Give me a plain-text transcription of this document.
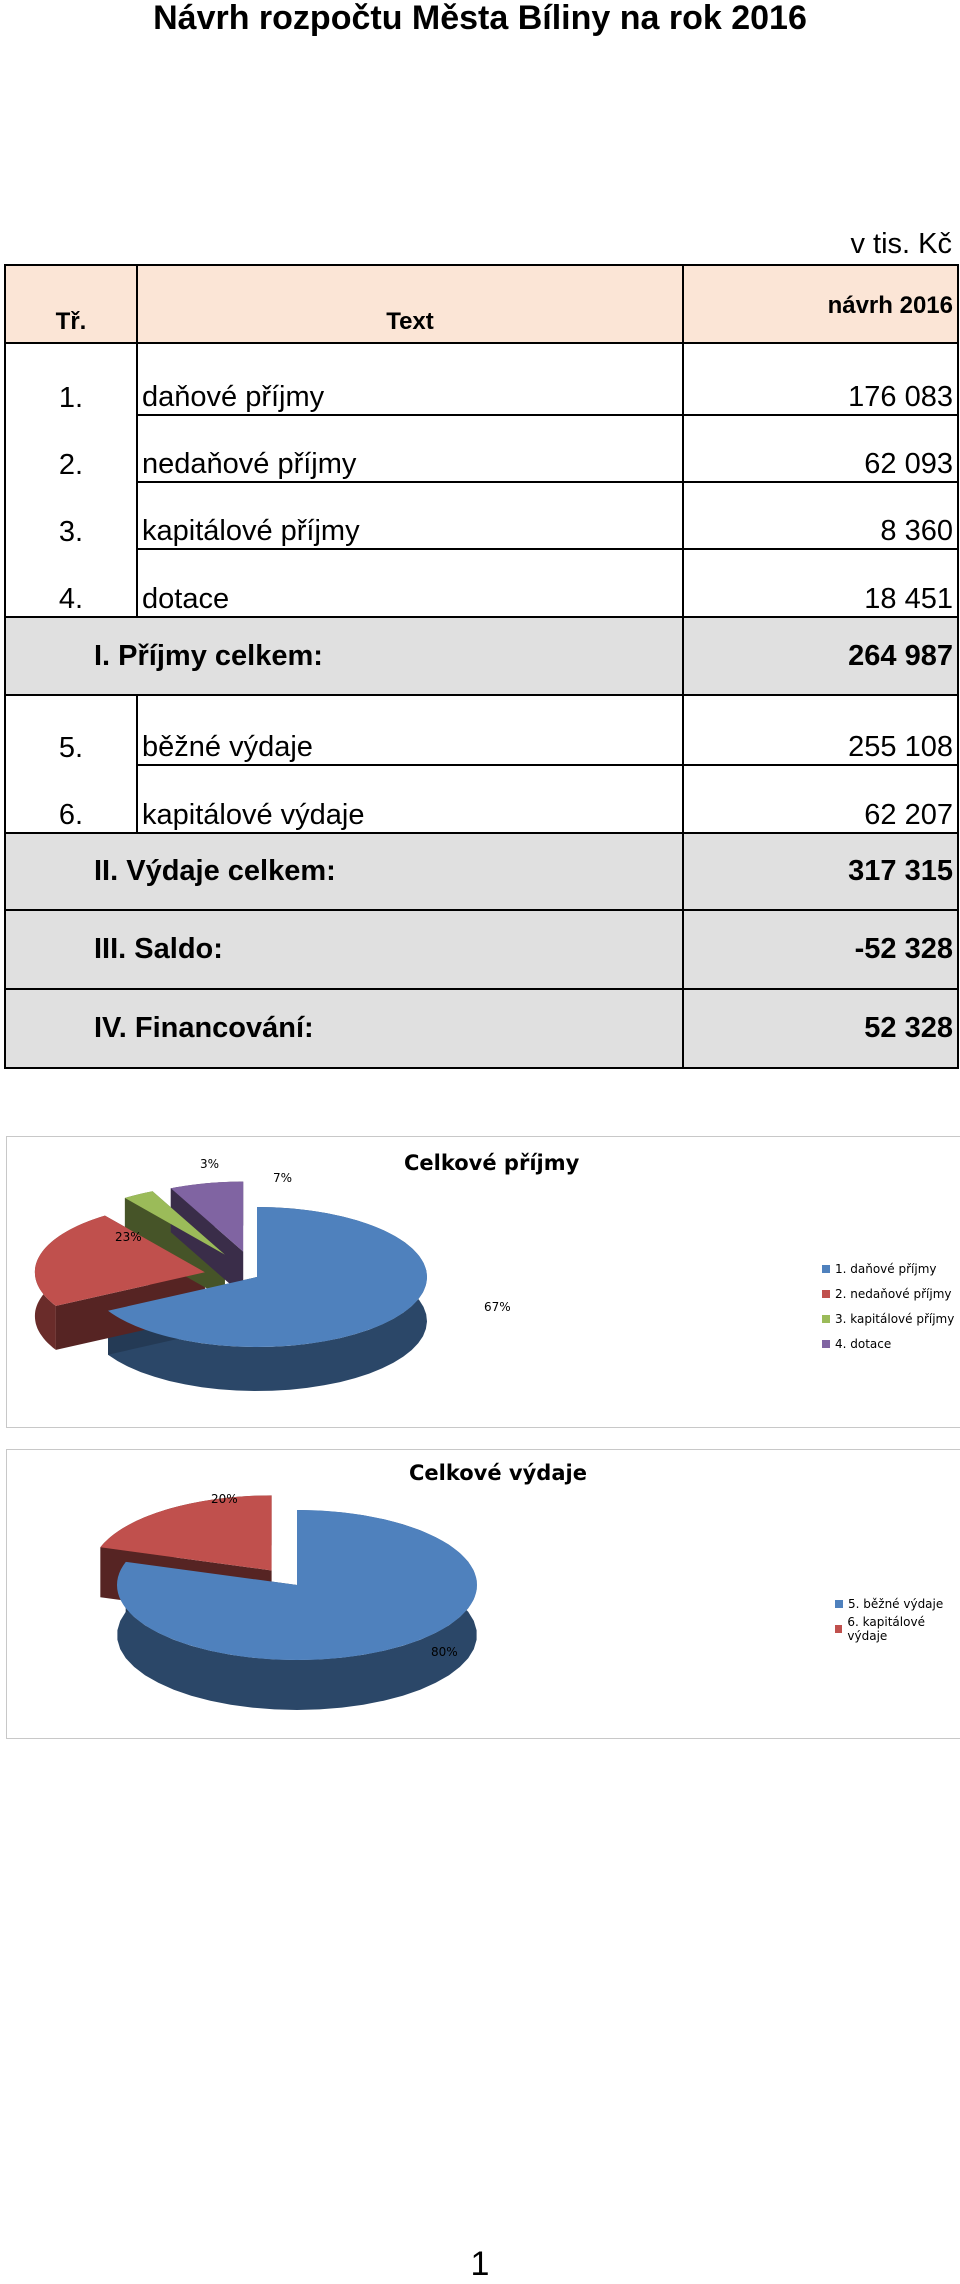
Návrh rozpočtu Města Bíliny na rok 2016
v tis. Kč
Tř.	Text	návrh 2016
1.	daňové příjmy	176 083
2.	nedaňové příjmy	62 093
3.	kapitálové příjmy	8 360
4.	dotace	18 451
I. Příjmy celkem:		264 987
5.	běžné výdaje	255 108
6.	kapitálové výdaje	62 207
II. Výdaje celkem:		317 315
III. Saldo:		-52 328
IV. Financování:		52 328
Celkové příjmy
67%
23%
3%
7%
1. daňové příjmy
2. nedaňové příjmy
3. kapitálové příjmy
4. dotace
Celkové výdaje
80%
20%
5. běžné výdaje
6. kapitálové výdaje
1
